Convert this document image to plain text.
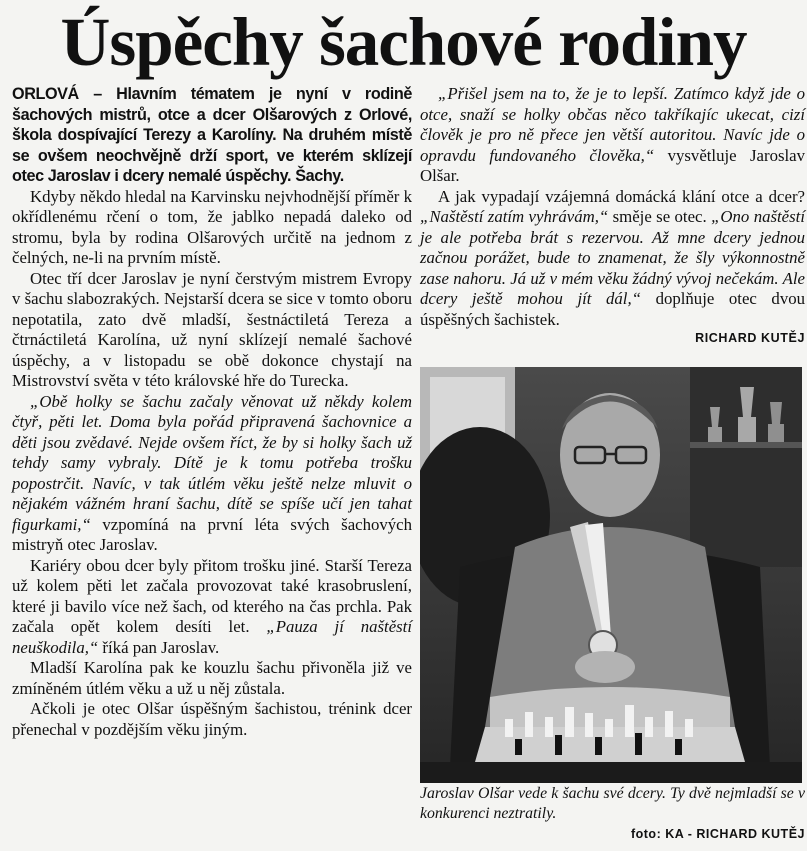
Úspěchy šachové rodiny

ORLOVÁ – Hlavním tématem je nyní v rodině šachových mistrů, otce a dcer Olšarových z Orlové, škola dospívající Terezy a Karolíny. Na druhém místě se ovšem neochvějně drží sport, ve kterém sklízejí otec Jaroslav i dcery nemalé úspěchy. Šachy.

Kdyby někdo hledal na Karvinsku nejvhodnější příměr k okřídlenému rčení o tom, že jablko nepadá daleko od stromu, byla by rodina Olšarových určitě na jednom z čelných, ne-li na prvním místě.

Otec tří dcer Jaroslav je nyní čerstvým mistrem Evropy v šachu slabozrakých. Nejstarší dcera se sice v tomto oboru nepotatila, zato dvě mladší, šestnáctiletá Tereza a čtrnáctiletá Karolína, už nyní sklízejí nemalé šachové úspěchy, a v listopadu se obě dokonce chystají na Mistrovství světa v této královské hře do Turecka.

„Obě holky se šachu začaly věnovat už někdy kolem čtyř, pěti let. Doma byla pořád připravená šachovnice a děti jsou zvědavé. Nejde ovšem říct, že by si holky šach už tehdy samy vybraly. Dítě je k tomu potřeba trošku popostrčit. Navíc, v tak útlém věku ještě nelze mluvit o nějakém vážném hraní šachu, dítě se spíše učí jen tahat figurkami,“ vzpomíná na první léta svých šachových mistryň otec Jaroslav.

Kariéry obou dcer byly přitom trošku jiné. Starší Tereza už kolem pěti let začala provozovat také krasobruslení, které ji bavilo více než šach, od kterého na čas prchla. Pak začala opět kolem desíti let. „Pauza jí naštěstí neuškodila,“ říká pan Jaroslav.

Mladší Karolína pak ke kouzlu šachu přivoněla již ve zmíněném útlém věku a už u něj zůstala.

Ačkoli je otec Olšar úspěšným šachistou, trénink dcer přenechal v pozdějším věku jiným.

„Přišel jsem na to, že je to lepší. Zatímco když jde o otce, snaží se holky občas něco takříkajíc ukecat, cizí člověk je pro ně přece jen větší autoritou. Navíc jde o opravdu fundovaného člověka,“ vysvětluje Jaroslav Olšar.

A jak vypadají vzájemná domácká klání otce a dcer? „Naštěstí zatím vyhrávám,“ směje se otec. „Ono naštěstí je ale potřeba brát s rezervou. Až mne dcery jednou začnou porážet, bude to znamenat, že šly výkonnostně zase nahoru. Já už v mém věku žádný vývoj nečekám. Ale dcery ještě mohou jít dál,“ doplňuje otec dvou úspěšných šachistek.

RICHARD KUTĚJ

Jaroslav Olšar vede k šachu své dcery. Ty dvě nejmladší se v konkurenci neztratily.

foto: KA - RICHARD KUTĚJ
